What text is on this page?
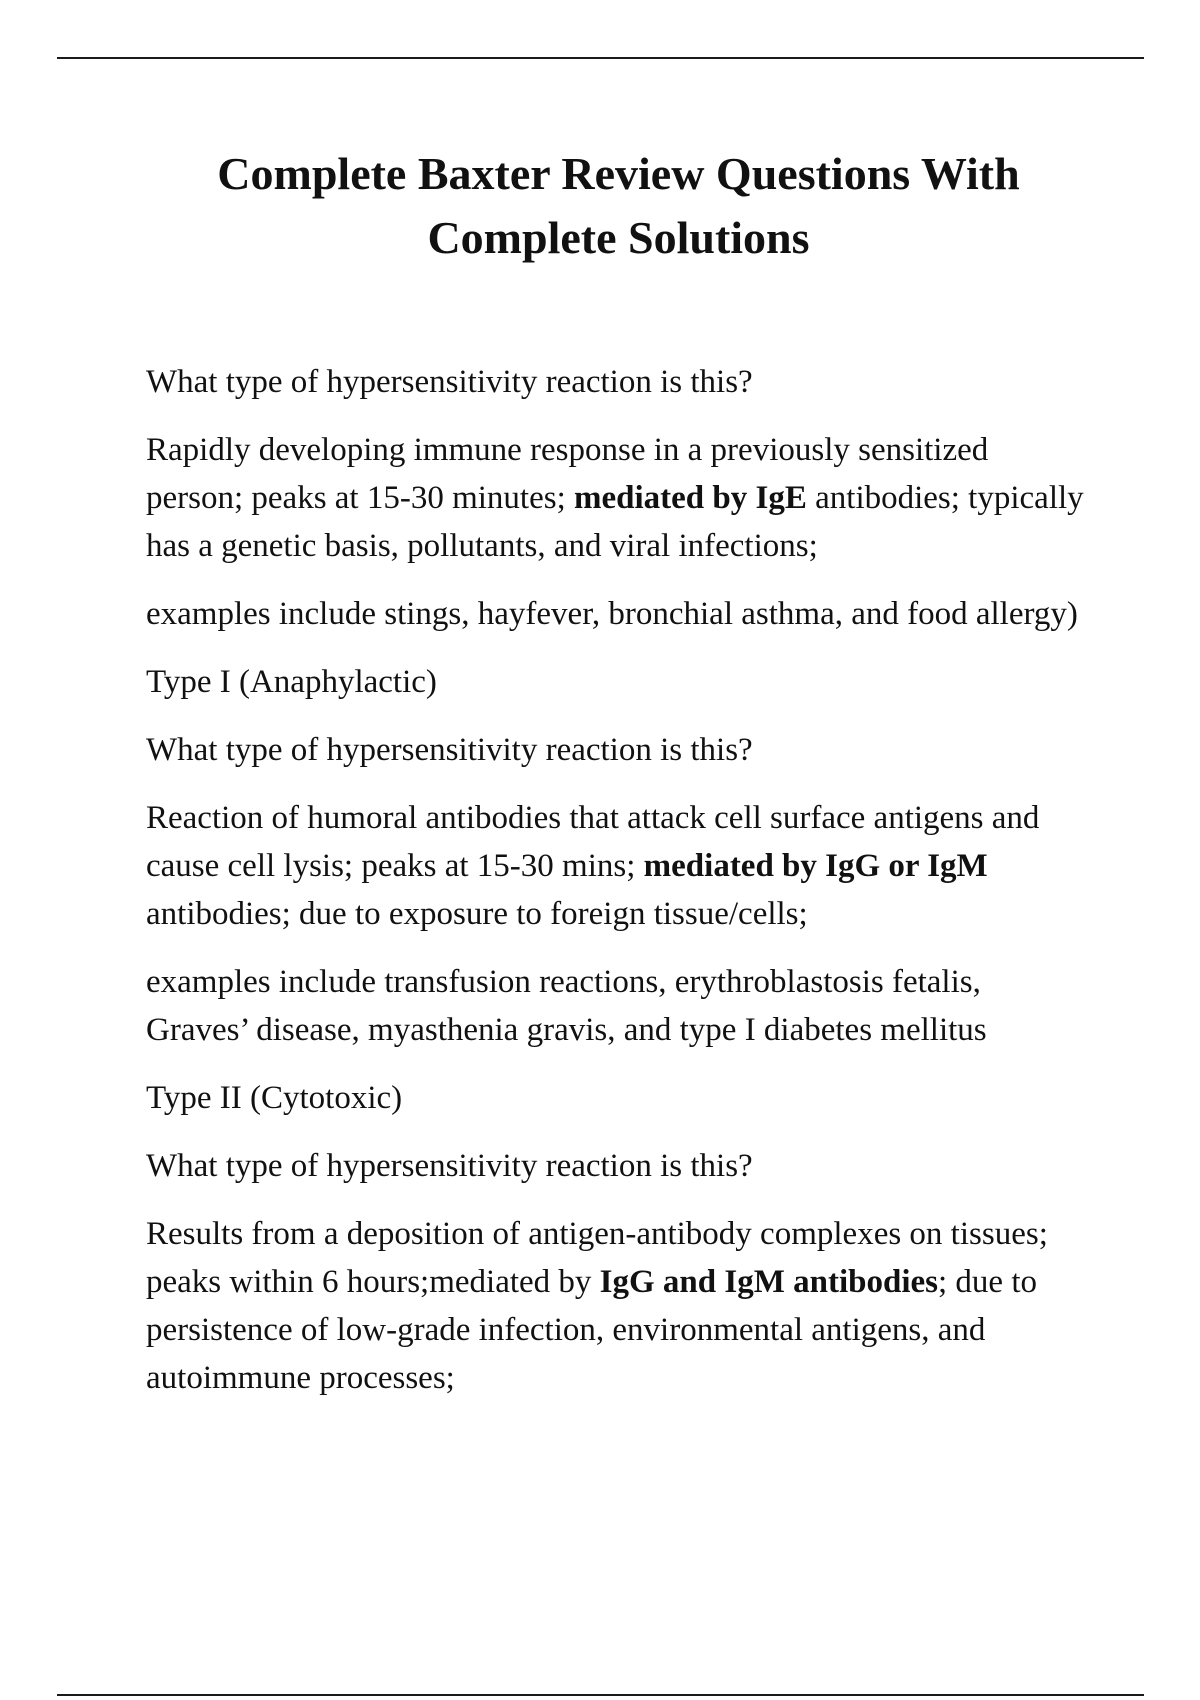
Complete Baxter Review Questions With
Complete Solutions

What type of hypersensitivity reaction is this?

Rapidly developing immune response in a previously sensitized person; peaks at 15-30 minutes; mediated by IgE antibodies; typically has a genetic basis, pollutants, and viral infections;

examples include stings, hayfever, bronchial asthma, and food allergy)

Type I (Anaphylactic)

What type of hypersensitivity reaction is this?

Reaction of humoral antibodies that attack cell surface antigens and cause cell lysis; peaks at 15-30 mins; mediated by IgG or IgM antibodies; due to exposure to foreign tissue/cells;

examples include transfusion reactions, erythroblastosis fetalis, Graves’ disease, myasthenia gravis, and type I diabetes mellitus

Type II (Cytotoxic)

What type of hypersensitivity reaction is this?

Results from a deposition of antigen-antibody complexes on tissues; peaks within 6 hours;mediated by IgG and IgM antibodies; due to persistence of low-grade infection, environmental antigens, and autoimmune processes;
